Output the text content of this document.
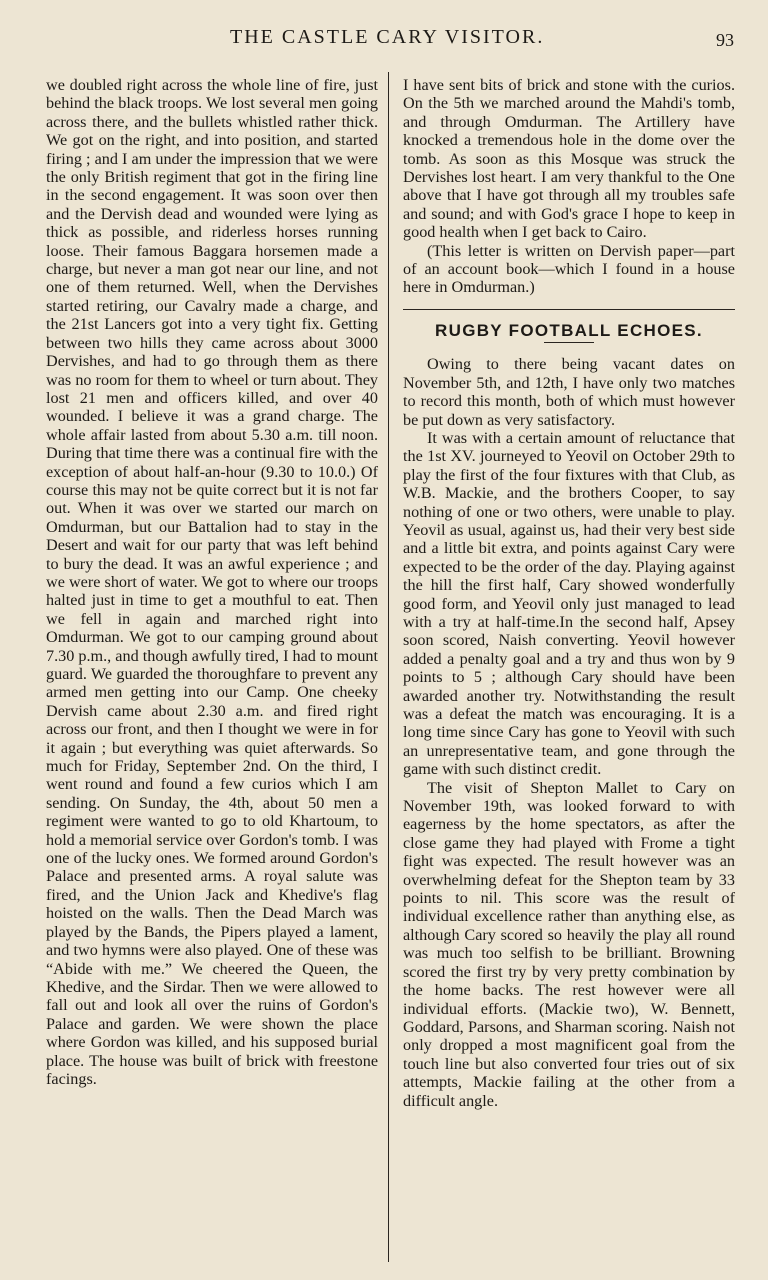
THE CASTLE CARY VISITOR.	93

we doubled right across the whole line of fire, just behind the black troops. We lost several men going across there, and the bullets whistled rather thick. We got on the right, and into position, and started firing ; and I am under the impression that we were the only British regiment that got in the firing line in the second engagement. It was soon over then and the Dervish dead and wounded were lying as thick as possible, and riderless horses running loose. Their famous Baggara horsemen made a charge, but never a man got near our line, and not one of them returned. Well, when the Dervishes started retiring, our Cavalry made a charge, and the 21st Lancers got into a very tight fix. Getting between two hills they came across about 3000 Dervishes, and had to go through them as there was no room for them to wheel or turn about. They lost 21 men and officers killed, and over 40 wounded. I believe it was a grand charge. The whole affair lasted from about 5.30 a.m. till noon. During that time there was a continual fire with the exception of about half-an-hour (9.30 to 10.0.) Of course this may not be quite correct but it is not far out. When it was over we started our march on Omdurman, but our Battalion had to stay in the Desert and wait for our party that was left behind to bury the dead. It was an awful experience ; and we were short of water. We got to where our troops halted just in time to get a mouthful to eat. Then we fell in again and marched right into Omdurman. We got to our camping ground about 7.30 p.m., and though awfully tired, I had to mount guard. We guarded the thoroughfare to prevent any armed men getting into our Camp. One cheeky Dervish came about 2.30 a.m. and fired right across our front, and then I thought we were in for it again ; but everything was quiet afterwards. So much for Friday, September 2nd. On the third, I went round and found a few curios which I am sending. On Sunday, the 4th, about 50 men a regiment were wanted to go to old Khartoum, to hold a memorial service over Gordon's tomb. I was one of the lucky ones. We formed around Gordon's Palace and presented arms. A royal salute was fired, and the Union Jack and Khedive's flag hoisted on the walls. Then the Dead March was played by the Bands, the Pipers played a lament, and two hymns were also played. One of these was “Abide with me.” We cheered the Queen, the Khedive, and the Sirdar. Then we were allowed to fall out and look all over the ruins of Gordon's Palace and garden. We were shown the place where Gordon was killed, and his supposed burial place. The house was built of brick with freestone facings.

I have sent bits of brick and stone with the curios. On the 5th we marched around the Mahdi's tomb, and through Omdurman. The Artillery have knocked a tremendous hole in the dome over the tomb. As soon as this Mosque was struck the Dervishes lost heart. I am very thankful to the One above that I have got through all my troubles safe and sound; and with God's grace I hope to keep in good health when I get back to Cairo.

(This letter is written on Dervish paper—part of an account book—which I found in a house here in Omdurman.)

RUGBY FOOTBALL ECHOES.

Owing to there being vacant dates on November 5th, and 12th, I have only two matches to record this month, both of which must however be put down as very satisfactory.

It was with a certain amount of reluctance that the 1st XV. journeyed to Yeovil on October 29th to play the first of the four fixtures with that Club, as W.B. Mackie, and the brothers Cooper, to say nothing of one or two others, were unable to play. Yeovil as usual, against us, had their very best side and a little bit extra, and points against Cary were expected to be the order of the day. Playing against the hill the first half, Cary showed wonderfully good form, and Yeovil only just managed to lead with a try at half-time.In the second half, Apsey soon scored, Naish converting. Yeovil however added a penalty goal and a try and thus won by 9 points to 5 ; although Cary should have been awarded another try. Notwithstanding the result was a defeat the match was encouraging. It is a long time since Cary has gone to Yeovil with such an unrepresentative team, and gone through the game with such distinct credit.

The visit of Shepton Mallet to Cary on November 19th, was looked forward to with eagerness by the home spectators, as after the close game they had played with Frome a tight fight was expected. The result however was an overwhelming defeat for the Shepton team by 33 points to nil. This score was the result of individual excellence rather than anything else, as although Cary scored so heavily the play all round was much too selfish to be brilliant. Browning scored the first try by very pretty combination by the home backs. The rest however were all individual efforts. (Mackie two), W. Bennett, Goddard, Parsons, and Sharman scoring. Naish not only dropped a most magnificent goal from the touch line but also converted four tries out of six attempts, Mackie failing at the other from a difficult angle.
